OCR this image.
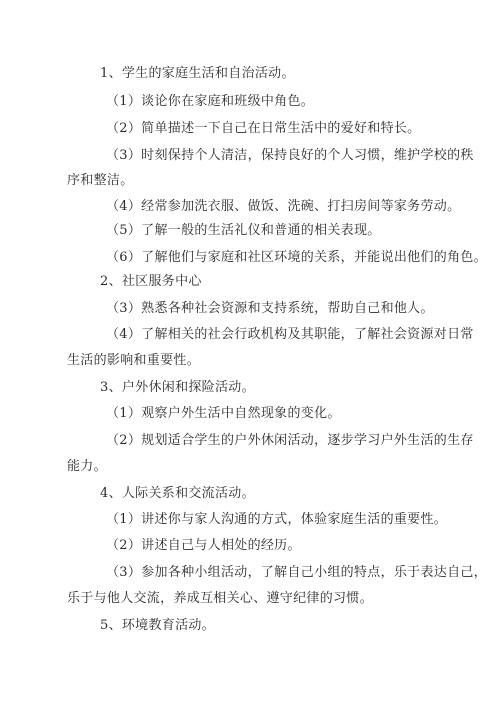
1、学生的家庭生活和自治活动。

（1）谈论你在家庭和班级中角色。

（2）简单描述一下自己在日常生活中的爱好和特长。

（3）时刻保持个人清洁，保持良好的个人习惯，维护学校的秩

序和整洁。

（4）经常参加洗衣服、做饭、洗碗、打扫房间等家务劳动。

（5）了解一般的生活礼仪和普通的相关表现。

（6）了解他们与家庭和社区环境的关系，并能说出他们的角色。

2、社区服务中心

（3）熟悉各种社会资源和支持系统，帮助自己和他人。

（4）了解相关的社会行政机构及其职能，了解社会资源对日常

生活的影响和重要性。

3、户外休闲和探险活动。

（1）观察户外生活中自然现象的变化。

（2）规划适合学生的户外休闲活动，逐步学习户外生活的生存

能力。

4、人际关系和交流活动。

（1）讲述你与家人沟通的方式，体验家庭生活的重要性。

（2）讲述自己与人相处的经历。

（3）参加各种小组活动，了解自己小组的特点，乐于表达自己，

乐于与他人交流，养成互相关心、遵守纪律的习惯。

5、环境教育活动。
